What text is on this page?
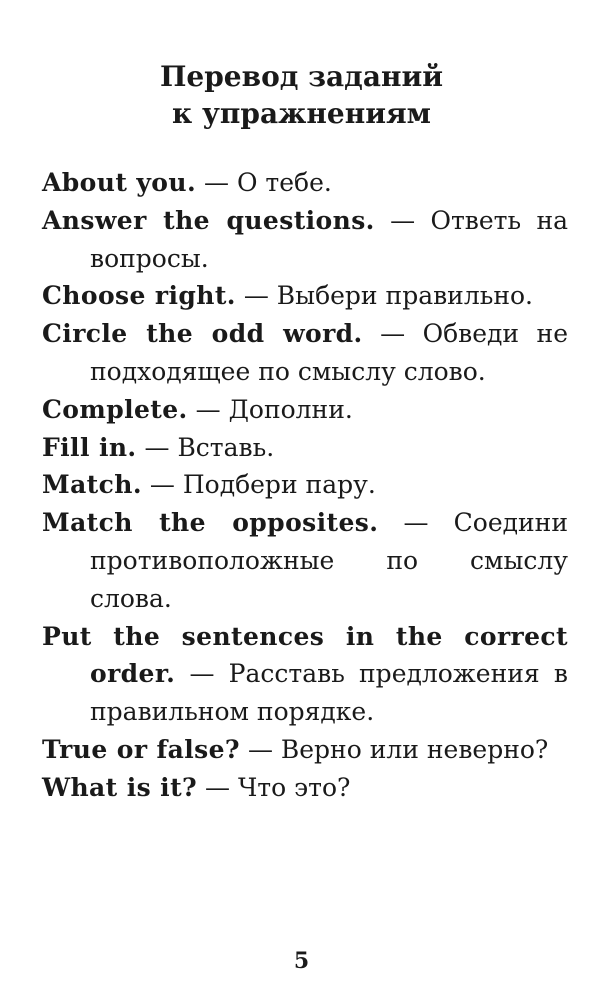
Перевод заданий
к упражнениям
About you. — О тебе.
Answer the questions. — Ответь на вопросы.
Choose right. — Выбери правильно.
Circle the odd word. — Обведи не подходящее по смыслу слово.
Complete. — Дополни.
Fill in. — Вставь.
Match. — Подбери пару.
Match the opposites. — Соедини противоположные по смыслу слова.
Put the sentences in the correct order. — Расставь предложения в правильном порядке.
True or false? — Верно или неверно?
What is it? — Что это?
5
